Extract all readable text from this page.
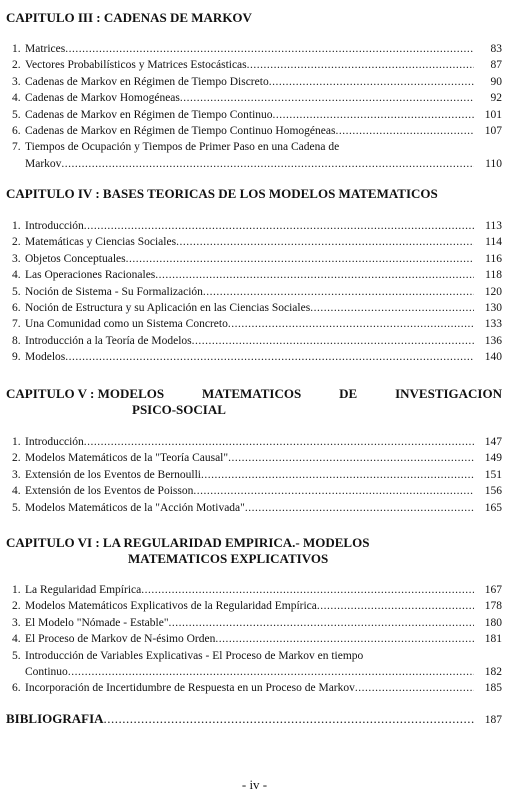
CAPITULO III :
CADENAS DE MARKOV
1. Matrices .....	83
2. Vectores Probabilísticos y Matrices Estocásticas .....	87
3. Cadenas de Markov en Régimen de Tiempo Discreto .....	90
4. Cadenas de Markov Homogéneas .....	92
5. Cadenas de Markov en Régimen de Tiempo Continuo .....	101
6. Cadenas de Markov en Régimen de Tiempo Continuo Homogéneas .....	107
7. Tiempos de Ocupación y Tiempos de Primer Paso en una Cadena de
Markov .....	110
CAPITULO IV :
BASES TEORICAS DE LOS MODELOS MATEMATICOS
1. Introducción .....	113
2. Matemáticas y Ciencias Sociales .....	114
3. Objetos Conceptuales .....	116
4. Las Operaciones Racionales .....	118
5. Noción de Sistema - Su Formalización .....	120
6. Noción de Estructura y su Aplicación en las Ciencias Sociales .....	130
7. Una Comunidad como un Sistema Concreto .....	133
8. Introducción a la Teoría de Modelos .....	136
9. Modelos .....	140
CAPITULO V :
MODELOS MATEMATICOS DE INVESTIGACION
PSICO-SOCIAL
1. Introducción .....	147
2. Modelos Matemáticos de la "Teoría Causal" .....	149
3. Extensión de los Eventos de Bernoulli .....	151
4. Extensión de los Eventos de Poisson .....	156
5. Modelos Matemáticos de la "Acción Motivada" .....	165
CAPITULO VI :
LA REGULARIDAD EMPIRICA.- MODELOS
MATEMATICOS EXPLICATIVOS
1. La Regularidad Empírica .....	167
2. Modelos Matemáticos Explicativos de la Regularidad Empírica .....	178
3. El Modelo "Nómade - Estable" .....	180
4. El Proceso de Markov de N-ésimo Orden .....	181
5. Introducción de Variables Explicativas - El Proceso de Markov en tiempo
Continuo .....	182
6. Incorporación de Incertidumbre de Respuesta en un Proceso de Markov .....	185
BIBLIOGRAFIA .....	187
- iv -
